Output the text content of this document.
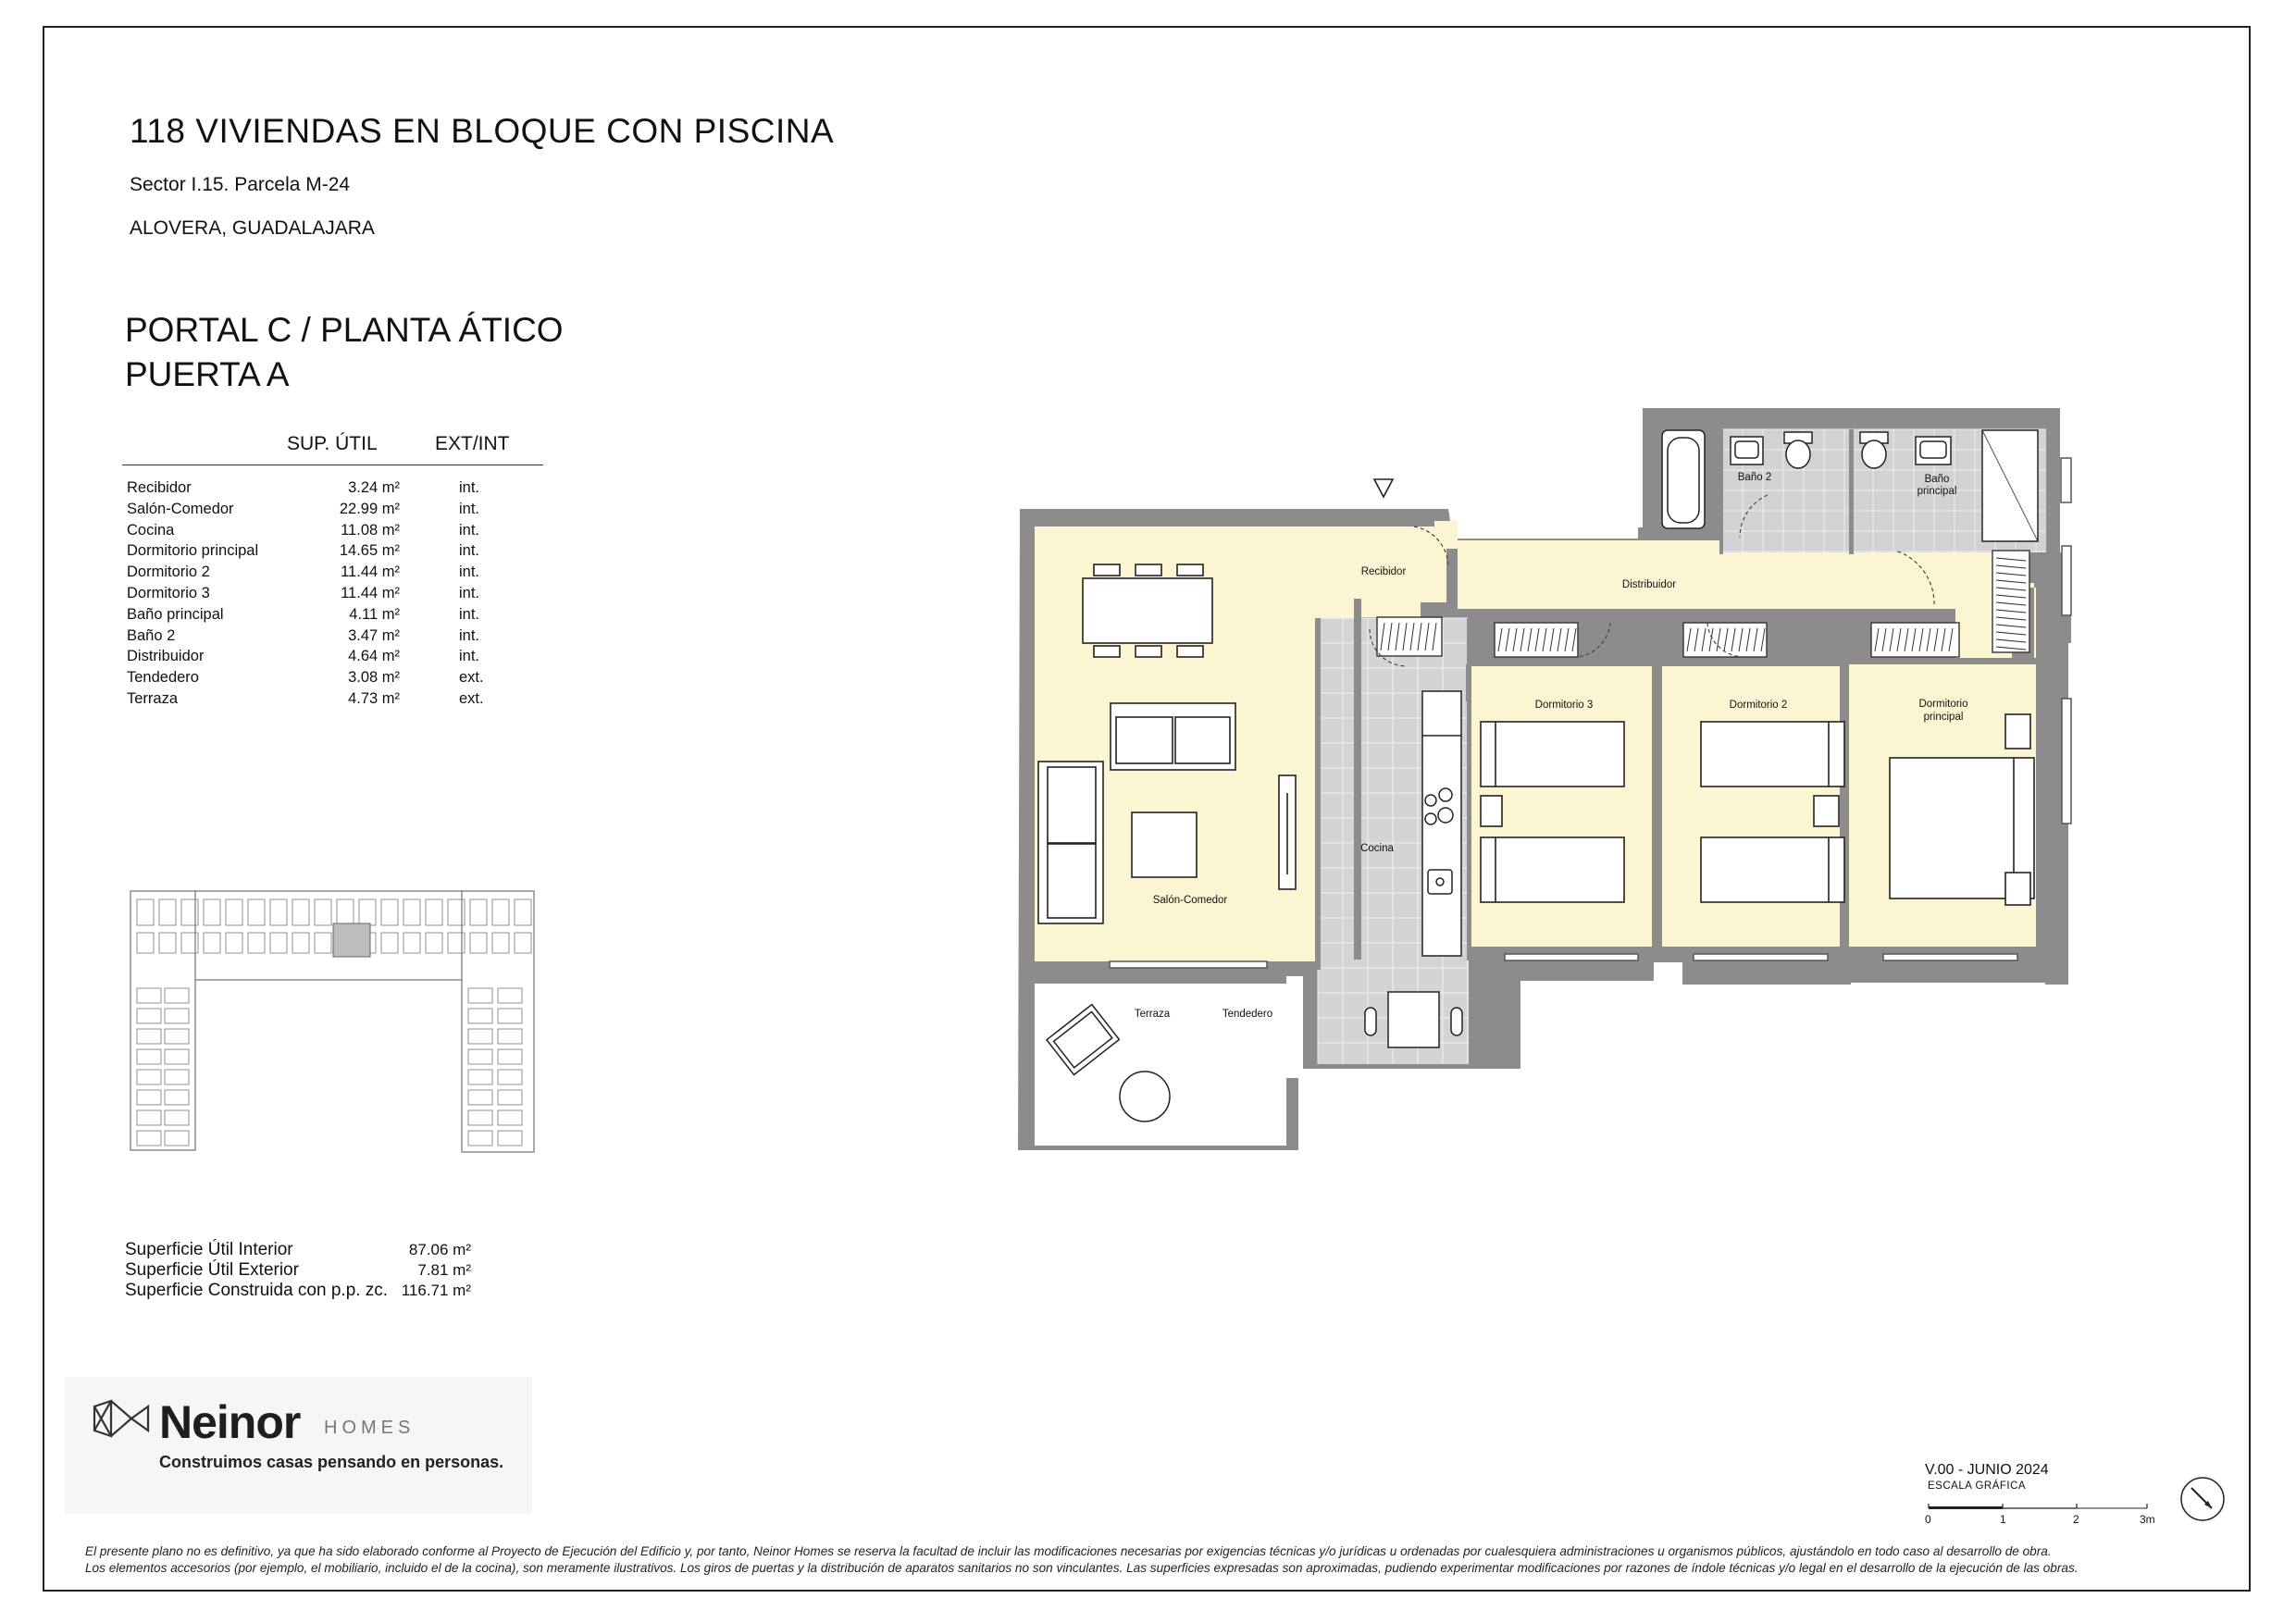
118 VIVIENDAS EN BLOQUE CON PISCINA
Sector I.15. Parcela M-24
ALOVERA, GUADALAJARA
PORTAL C / PLANTA ÁTICO
PUERTA A
SUP. ÚTIL	EXT/INT
Recibidor	3.24 m²	int.
Salón-Comedor	22.99 m²	int.
Cocina	11.08 m²	int.
Dormitorio principal	14.65 m²	int.
Dormitorio 2	11.44 m²	int.
Dormitorio 3	11.44 m²	int.
Baño principal	4.11 m²	int.
Baño 2	3.47 m²	int.
Distribuidor	4.64 m²	int.
Tendedero	3.08 m²	ext.
Terraza	4.73 m²	ext.
Superficie Útil Interior	87.06 m²
Superficie Útil Exterior	7.81 m²
Superficie Construida con p.p. zc. 116.71 m²
Recibidor
Distribuidor
Baño 2	Baño
principal
Dormitorio 3	Dormitorio 2	Dormitorio
principal
Cocina
Salón-Comedor
Terraza	Tendedero
Neinor HOMES
Construimos casas pensando en personas.	V.00 - JUNIO 2024
ESCALA GRÁFICA
0	1	2	3m
El presente plano no es definitivo, ya que ha sido elaborado conforme al Proyecto de Ejecución del Edificio y, por tanto, Neinor Homes se reserva la facultad de incluir las modificaciones necesarias por exigencias técnicas y/o jurídicas u ordenadas por cualesquiera administraciones u organismos públicos, ajustándolo en todo caso al desarrollo de obra.
Los elementos accesorios (por ejemplo, el mobiliario, incluido el de la cocina), son meramente ilustrativos. Los giros de puertas y la distribución de aparatos sanitarios no son vinculantes. Las superficies expresadas son aproximadas, pudiendo experimentar modificaciones por razones de índole técnicas y/o legal en el desarrollo de la ejecución de las obras.
